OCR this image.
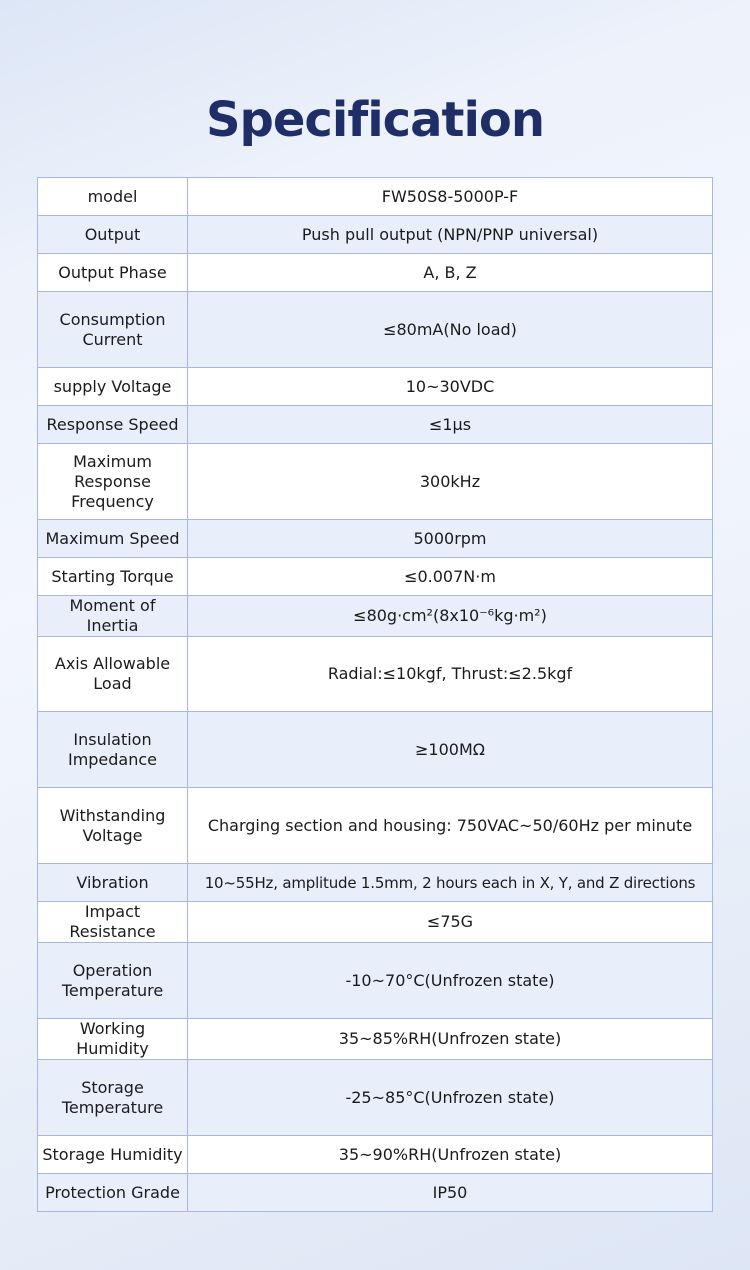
Specification
model	FW50S8-5000P-F
Output	Push pull output (NPN/PNP universal)
Output Phase	A, B, Z
Consumption Current	≤80mA(No load)
supply Voltage	10~30VDC
Response Speed	≤1μs
Maximum Response Frequency	300kHz
Maximum Speed	5000rpm
Starting Torque	≤0.007N·m
Moment of Inertia	≤80g·cm²(8x10⁻⁶kg·m²)
Axis Allowable Load	Radial:≤10kgf, Thrust:≤2.5kgf
Insulation Impedance	≥100MΩ
Withstanding Voltage	Charging section and housing: 750VAC~50/60Hz per minute
Vibration	10~55Hz, amplitude 1.5mm, 2 hours each in X, Y, and Z directions
Impact Resistance	≤75G
Operation Temperature	-10~70°C(Unfrozen state)
Working Humidity	35~85%RH(Unfrozen state)
Storage Temperature	-25~85°C(Unfrozen state)
Storage Humidity	35~90%RH(Unfrozen state)
Protection Grade	IP50
